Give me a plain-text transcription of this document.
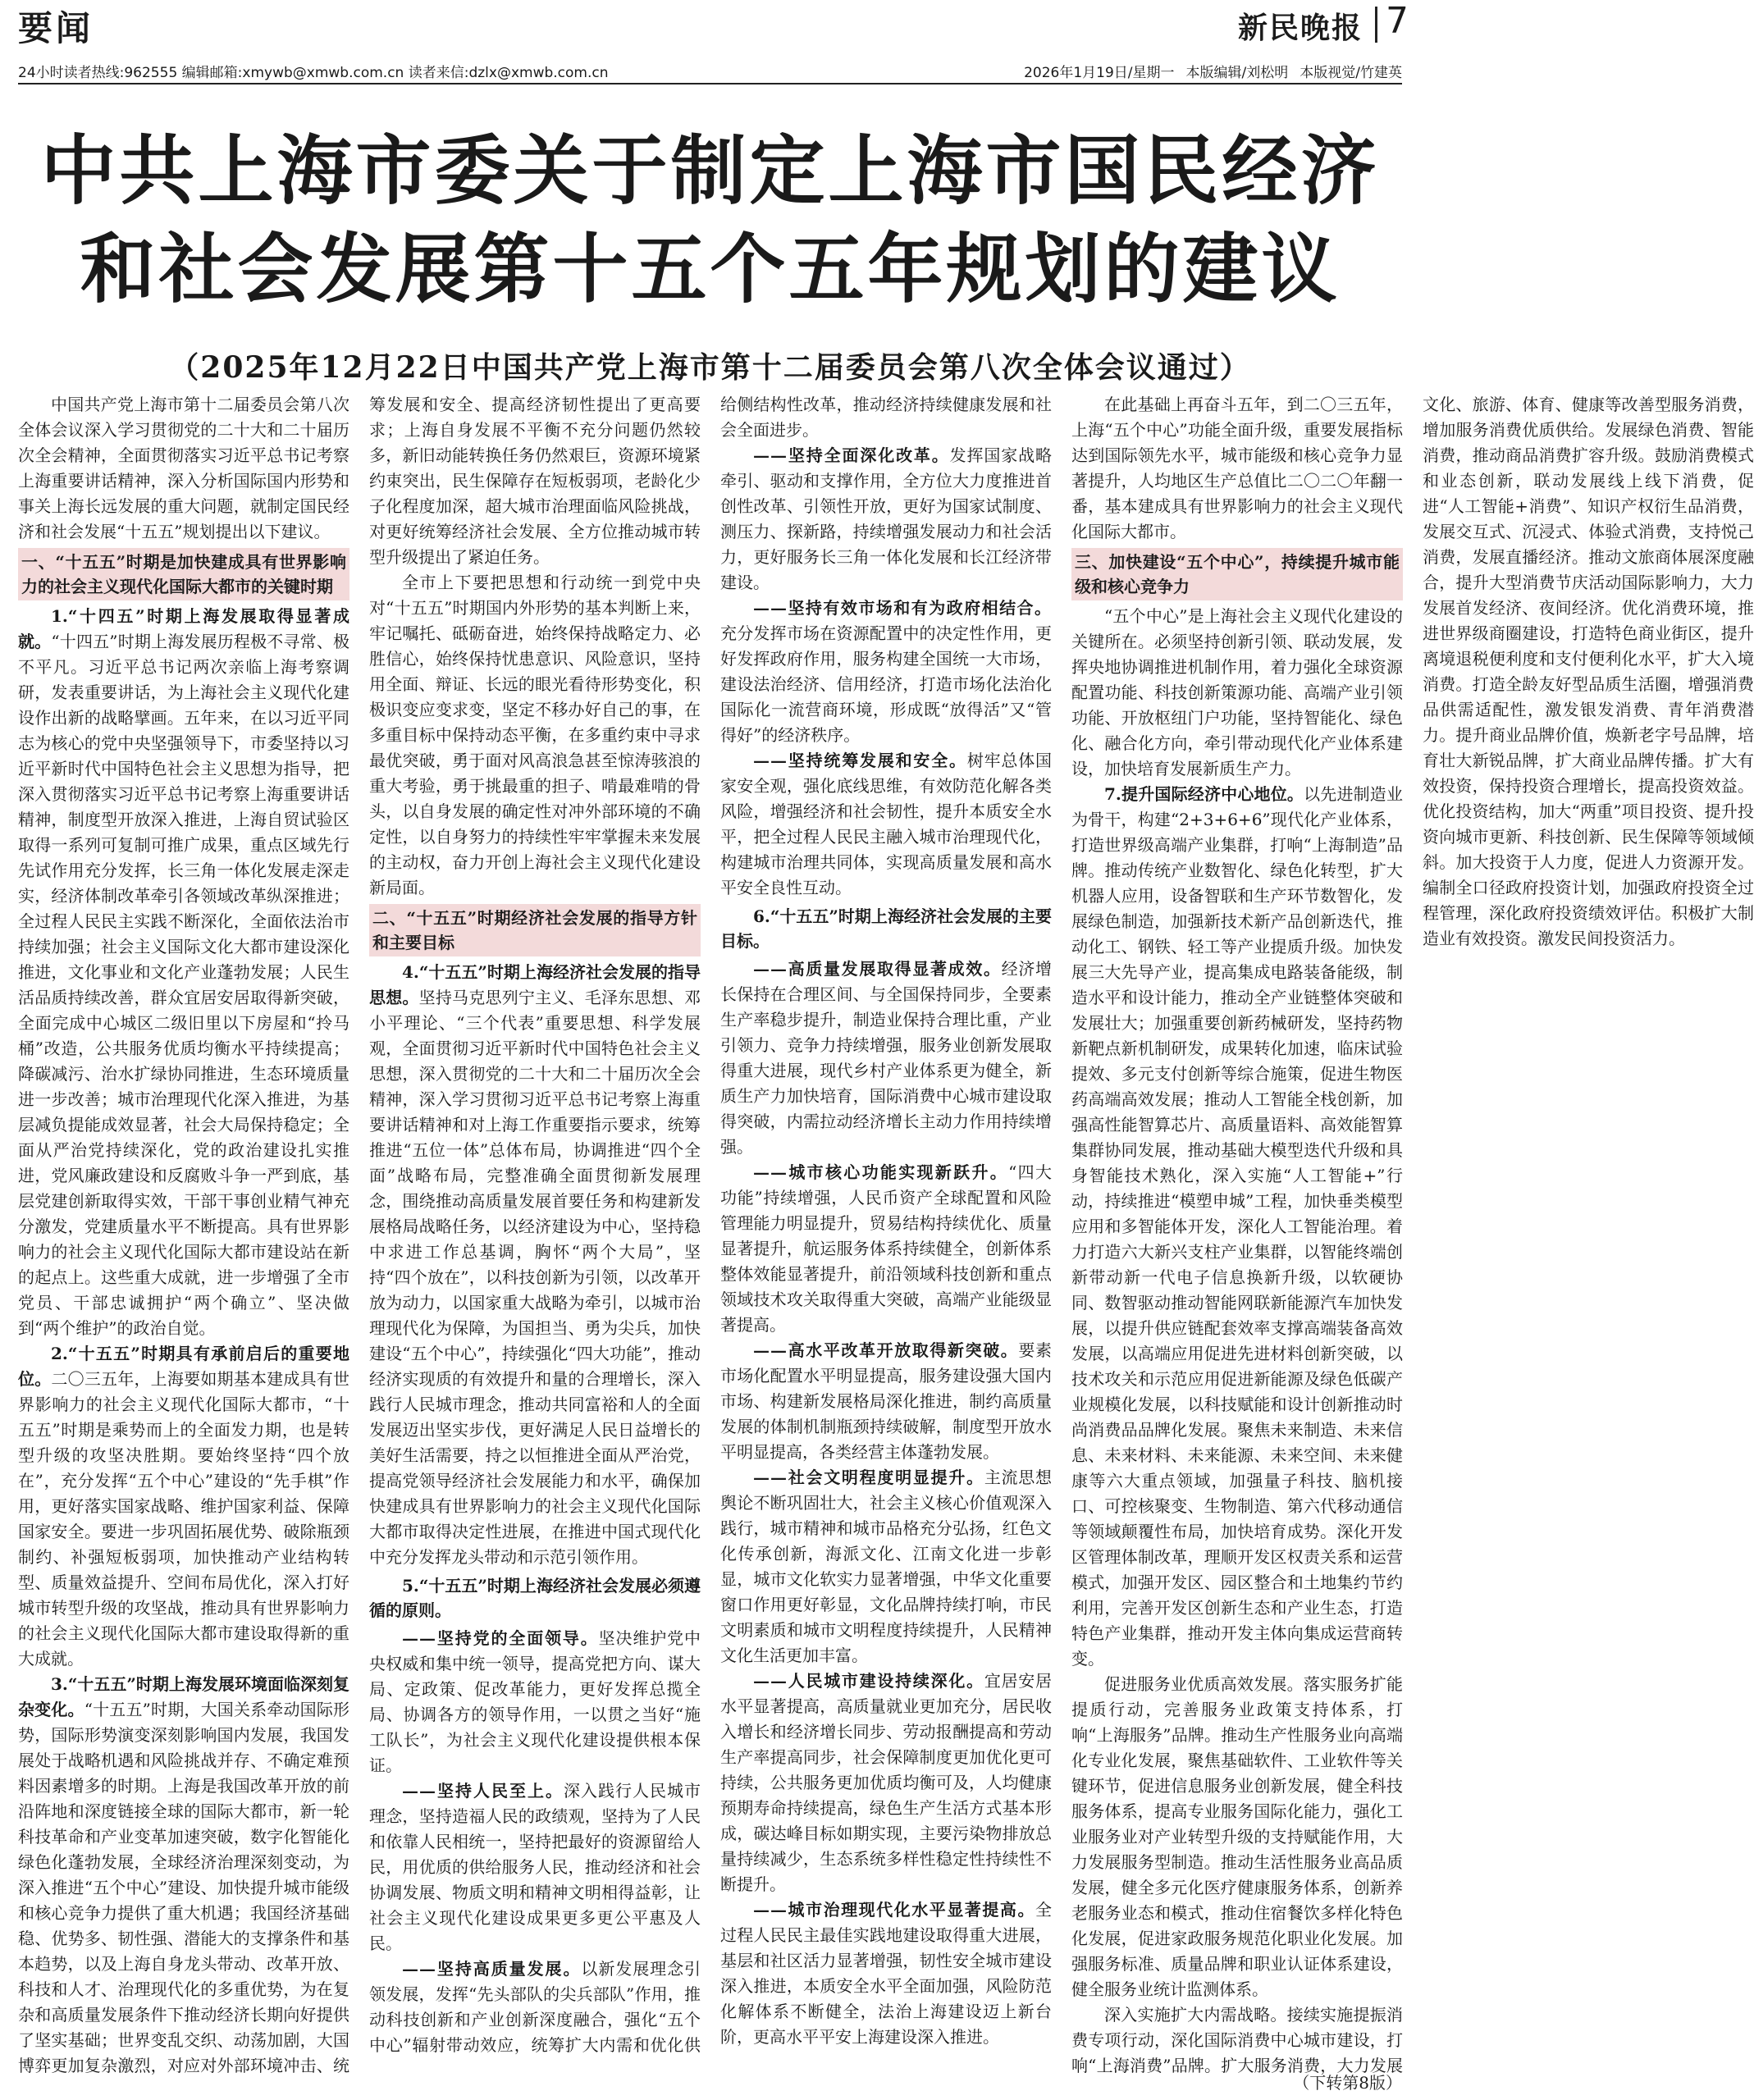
要闻	新民晚报 7
24小时读者热线:962555 编辑邮箱:xmywb@xmwb.com.cn 读者来信:dzlx@xmwb.com.cn	2026年1月19日/星期一 本版编辑/刘松明 本版视觉/竹建英
中共上海市委关于制定上海市国民经济
和社会发展第十五个五年规划的建议
（2025年12月22日中国共产党上海市第十二届委员会第八次全体会议通过）

中国共产党上海市第十二届委员会第八次全体会议深入学习贯彻党的二十大和二十届历次全会精神，全面贯彻落实习近平总书记考察上海重要讲话精神，深入分析国际国内形势和事关上海长远发展的重大问题，就制定国民经济和社会发展“十五五”规划提出以下建议。

一、“十五五”时期是加快建成具有世界影响力的社会主义现代化国际大都市的关键时期

1.“十四五”时期上海发展取得显著成就。“十四五”时期上海发展历程极不寻常、极不平凡。习近平总书记两次亲临上海考察调研，发表重要讲话，为上海社会主义现代化建设作出新的战略擘画。五年来，在以习近平同志为核心的党中央坚强领导下，市委坚持以习近平新时代中国特色社会主义思想为指导，把深入贯彻落实习近平总书记考察上海重要讲话精神，制度型开放深入推进，上海自贸试验区取得一系列可复制可推广成果，重点区域先行先试作用充分发挥，长三角一体化发展走深走实，经济体制改革牵引各领域改革纵深推进；全过程人民民主实践不断深化，全面依法治市持续加强；社会主义国际文化大都市建设深化推进，文化事业和文化产业蓬勃发展；人民生活品质持续改善，群众宜居安居取得新突破，全面完成中心城区二级旧里以下房屋和“拎马桶”改造，公共服务优质均衡水平持续提高；降碳减污、治水扩绿协同推进，生态环境质量进一步改善；城市治理现代化深入推进，为基层减负提能成效显著，社会大局保持稳定；全面从严治党持续深化，党的政治建设扎实推进，党风廉政建设和反腐败斗争一严到底，基层党建创新取得实效，干部干事创业精气神充分激发，党建质量水平不断提高。具有世界影响力的社会主义现代化国际大都市建设站在新的起点上。这些重大成就，进一步增强了全市党员、干部忠诚拥护“两个确立”、坚决做到“两个维护”的政治自觉。

2.“十五五”时期具有承前启后的重要地位。二〇三五年，上海要如期基本建成具有世界影响力的社会主义现代化国际大都市，“十五五”时期是乘势而上的全面发力期，也是转型升级的攻坚决胜期。要始终坚持“四个放在”，充分发挥“五个中心”建设的“先手棋”作用，更好落实国家战略、维护国家利益、保障国家安全。要进一步巩固拓展优势、破除瓶颈制约、补强短板弱项，加快推动产业结构转型、质量效益提升、空间布局优化，深入打好城市转型升级的攻坚战，推动具有世界影响力的社会主义现代化国际大都市建设取得新的重大成就。

3.“十五五”时期上海发展环境面临深刻复杂变化。“十五五”时期，大国关系牵动国际形势，国际形势演变深刻影响国内发展，我国发展处于战略机遇和风险挑战并存、不确定难预料因素增多的时期。上海是我国改革开放的前沿阵地和深度链接全球的国际大都市，新一轮科技革命和产业变革加速突破，数字化智能化绿色化蓬勃发展，全球经济治理深刻变动，为深入推进“五个中心”建设、加快提升城市能级和核心竞争力提供了重大机遇；我国经济基础稳、优势多、韧性强、潜能大的支撑条件和基本趋势，以及上海自身龙头带动、改革开放、科技和人才、治理现代化的多重优势，为在复杂和高质量发展条件下推动经济长期向好提供了坚实基础；世界变乱交织、动荡加剧，大国博弈更加复杂激烈，对应对外部环境冲击、统筹发展和安全、提高经济韧性提出了更高要求；上海自身发展不平衡不充分问题仍然较多，新旧动能转换任务仍然艰巨，资源环境紧约束突出，民生保障存在短板弱项，老龄化少子化程度加深，超大城市治理面临风险挑战，对更好统筹经济社会发展、全方位推动城市转型升级提出了紧迫任务。

全市上下要把思想和行动统一到党中央对“十五五”时期国内外形势的基本判断上来，牢记嘱托、砥砺奋进，始终保持战略定力、必胜信心，始终保持忧患意识、风险意识，坚持用全面、辩证、长远的眼光看待形势变化，积极识变应变求变，坚定不移办好自己的事，在多重目标中保持动态平衡，在多重约束中寻求最优突破，勇于面对风高浪急甚至惊涛骇浪的重大考验，勇于挑最重的担子、啃最难啃的骨头，以自身发展的确定性对冲外部环境的不确定性，以自身努力的持续性牢牢掌握未来发展的主动权，奋力开创上海社会主义现代化建设新局面。

二、“十五五”时期经济社会发展的指导方针和主要目标

4.“十五五”时期上海经济社会发展的指导思想。坚持马克思列宁主义、毛泽东思想、邓小平理论、“三个代表”重要思想、科学发展观，全面贯彻习近平新时代中国特色社会主义思想，深入贯彻党的二十大和二十届历次全会精神，深入学习贯彻习近平总书记考察上海重要讲话精神和对上海工作重要指示要求，统筹推进“五位一体”总体布局，协调推进“四个全面”战略布局，完整准确全面贯彻新发展理念，围绕推动高质量发展首要任务和构建新发展格局战略任务，以经济建设为中心，坚持稳中求进工作总基调，胸怀“两个大局”，坚持“四个放在”，以科技创新为引领，以改革开放为动力，以国家重大战略为牵引，以城市治理现代化为保障，为国担当、勇为尖兵，加快建设“五个中心”，持续强化“四大功能”，推动经济实现质的有效提升和量的合理增长，深入践行人民城市理念，推动共同富裕和人的全面发展迈出坚实步伐，更好满足人民日益增长的美好生活需要，持之以恒推进全面从严治党，提高党领导经济社会发展能力和水平，确保加快建成具有世界影响力的社会主义现代化国际大都市取得决定性进展，在推进中国式现代化中充分发挥龙头带动和示范引领作用。

5.“十五五”时期上海经济社会发展必须遵循的原则。

——坚持党的全面领导。坚决维护党中央权威和集中统一领导，提高党把方向、谋大局、定政策、促改革能力，更好发挥总揽全局、协调各方的领导作用，一以贯之当好“施工队长”，为社会主义现代化建设提供根本保证。

——坚持人民至上。深入践行人民城市理念，坚持造福人民的政绩观，坚持为了人民和依靠人民相统一，坚持把最好的资源留给人民，用优质的供给服务人民，推动经济和社会协调发展、物质文明和精神文明相得益彰，让社会主义现代化建设成果更多更公平惠及人民。

——坚持高质量发展。以新发展理念引领发展，发挥“先头部队的尖兵部队”作用，推动科技创新和产业创新深度融合，强化“五个中心”辐射带动效应，统筹扩大内需和优化供给侧结构性改革，推动经济持续健康发展和社会全面进步。

——坚持全面深化改革。发挥国家战略牵引、驱动和支撑作用，全方位大力度推进首创性改革、引领性开放，更好为国家试制度、测压力、探新路，持续增强发展动力和社会活力，更好服务长三角一体化发展和长江经济带建设。

——坚持有效市场和有为政府相结合。充分发挥市场在资源配置中的决定性作用，更好发挥政府作用，服务构建全国统一大市场，建设法治经济、信用经济，打造市场化法治化国际化一流营商环境，形成既“放得活”又“管得好”的经济秩序。

——坚持统筹发展和安全。树牢总体国家安全观，强化底线思维，有效防范化解各类风险，增强经济和社会韧性，提升本质安全水平，把全过程人民民主融入城市治理现代化，构建城市治理共同体，实现高质量发展和高水平安全良性互动。

6.“十五五”时期上海经济社会发展的主要目标。

——高质量发展取得显著成效。经济增长保持在合理区间、与全国保持同步，全要素生产率稳步提升，制造业保持合理比重，产业引领力、竞争力持续增强，服务业创新发展取得重大进展，现代乡村产业体系更为健全，新质生产力加快培育，国际消费中心城市建设取得突破，内需拉动经济增长主动力作用持续增强。

——城市核心功能实现新跃升。“四大功能”持续增强，人民币资产全球配置和风险管理能力明显提升，贸易结构持续优化、质量显著提升，航运服务体系持续健全，创新体系整体效能显著提升，前沿领域科技创新和重点领域技术攻关取得重大突破，高端产业能级显著提高。

——高水平改革开放取得新突破。要素市场化配置水平明显提高，服务建设强大国内市场、构建新发展格局深化推进，制约高质量发展的体制机制瓶颈持续破解，制度型开放水平明显提高，各类经营主体蓬勃发展。

——社会文明程度明显提升。主流思想舆论不断巩固壮大，社会主义核心价值观深入践行，城市精神和城市品格充分弘扬，红色文化传承创新，海派文化、江南文化进一步彰显，城市文化软实力显著增强，中华文化重要窗口作用更好彰显，文化品牌持续打响，市民文明素质和城市文明程度持续提升，人民精神文化生活更加丰富。

——人民城市建设持续深化。宜居安居水平显著提高，高质量就业更加充分，居民收入增长和经济增长同步、劳动报酬提高和劳动生产率提高同步，社会保障制度更加优化更可持续，公共服务更加优质均衡可及，人均健康预期寿命持续提高，绿色生产生活方式基本形成，碳达峰目标如期实现，主要污染物排放总量持续减少，生态系统多样性稳定性持续性不断提升。

——城市治理现代化水平显著提高。全过程人民民主最佳实践地建设取得重大进展，基层和社区活力显著增强，韧性安全城市建设深入推进，本质安全水平全面加强，风险防范化解体系不断健全，法治上海建设迈上新台阶，更高水平平安上海建设深入推进。

在此基础上再奋斗五年，到二〇三五年，上海“五个中心”功能全面升级，重要发展指标达到国际领先水平，城市能级和核心竞争力显著提升，人均地区生产总值比二〇二〇年翻一番，基本建成具有世界影响力的社会主义现代化国际大都市。

三、加快建设“五个中心”，持续提升城市能级和核心竞争力

“五个中心”是上海社会主义现代化建设的关键所在。必须坚持创新引领、联动发展，发挥央地协调推进机制作用，着力强化全球资源配置功能、科技创新策源功能、高端产业引领功能、开放枢纽门户功能，坚持智能化、绿色化、融合化方向，牵引带动现代化产业体系建设，加快培育发展新质生产力。

7.提升国际经济中心地位。以先进制造业为骨干，构建“2+3+6+6”现代化产业体系，打造世界级高端产业集群，打响“上海制造”品牌。推动传统产业数智化、绿色化转型，扩大机器人应用，设备智联和生产环节数智化，发展绿色制造，加强新技术新产品创新迭代，推动化工、钢铁、轻工等产业提质升级。加快发展三大先导产业，提高集成电路装备能级，制造水平和设计能力，推动全产业链整体突破和发展壮大；加强重要创新药械研发，坚持药物新靶点新机制研发，成果转化加速，临床试验提效、多元支付创新等综合施策，促进生物医药高端高效发展；推动人工智能全栈创新，加强高性能智算芯片、高质量语料、高效能智算集群协同发展，推动基础大模型迭代升级和具身智能技术熟化，深入实施“人工智能+”行动，持续推进“模塑申城”工程，加快垂类模型应用和多智能体开发，深化人工智能治理。着力打造六大新兴支柱产业集群，以智能终端创新带动新一代电子信息换新升级，以软硬协同、数智驱动推动智能网联新能源汽车加快发展，以提升供应链配套效率支撑高端装备高效发展，以高端应用促进先进材料创新突破，以技术攻关和示范应用促进新能源及绿色低碳产业规模化发展，以科技赋能和设计创新推动时尚消费品品牌化发展。聚焦未来制造、未来信息、未来材料、未来能源、未来空间、未来健康等六大重点领域，加强量子科技、脑机接口、可控核聚变、生物制造、第六代移动通信等领域颠覆性布局，加快培育成势。深化开发区管理体制改革，理顺开发区权责关系和运营模式，加强开发区、园区整合和土地集约节约利用，完善开发区创新生态和产业生态，打造特色产业集群，推动开发主体向集成运营商转变。

促进服务业优质高效发展。落实服务扩能提质行动，完善服务业政策支持体系，打响“上海服务”品牌。推动生产性服务业向高端化专业化发展，聚焦基础软件、工业软件等关键环节，促进信息服务业创新发展，健全科技服务体系，提高专业服务国际化能力，强化工业服务业对产业转型升级的支持赋能作用，大力发展服务型制造。推动生活性服务业高品质发展，健全多元化医疗健康服务体系，创新养老服务业态和模式，推动住宿餐饮多样化特色化发展，促进家政服务规范化职业化发展。加强服务标准、质量品牌和职业认证体系建设，健全服务业统计监测体系。

深入实施扩大内需战略。接续实施提振消费专项行动，深化国际消费中心城市建设，打响“上海消费”品牌。扩大服务消费，大力发展文化、旅游、体育、健康等改善型服务消费，增加服务消费优质供给。发展绿色消费、智能消费，推动商品消费扩容升级。鼓励消费模式和业态创新，联动发展线上线下消费，促进“人工智能+消费”、知识产权衍生品消费，发展交互式、沉浸式、体验式消费，支持悦己消费，发展直播经济。推动文旅商体展深度融合，提升大型消费节庆活动国际影响力，大力发展首发经济、夜间经济。优化消费环境，推进世界级商圈建设，打造特色商业街区，提升离境退税便利度和支付便利化水平，扩大入境消费。打造全龄友好型品质生活圈，增强消费品供需适配性，激发银发消费、青年消费潜力。提升商业品牌价值，焕新老字号品牌，培育壮大新锐品牌，扩大商业品牌传播。扩大有效投资，保持投资合理增长，提高投资效益。优化投资结构，加大“两重”项目投资、提升投资向城市更新、科技创新、民生保障等领域倾斜。加大投资于人力度，促进人力资源开发。编制全口径政府投资计划，加强政府投资全过程管理，深化政府投资绩效评估。积极扩大制造业有效投资。激发民间投资活力。

（下转第8版）
